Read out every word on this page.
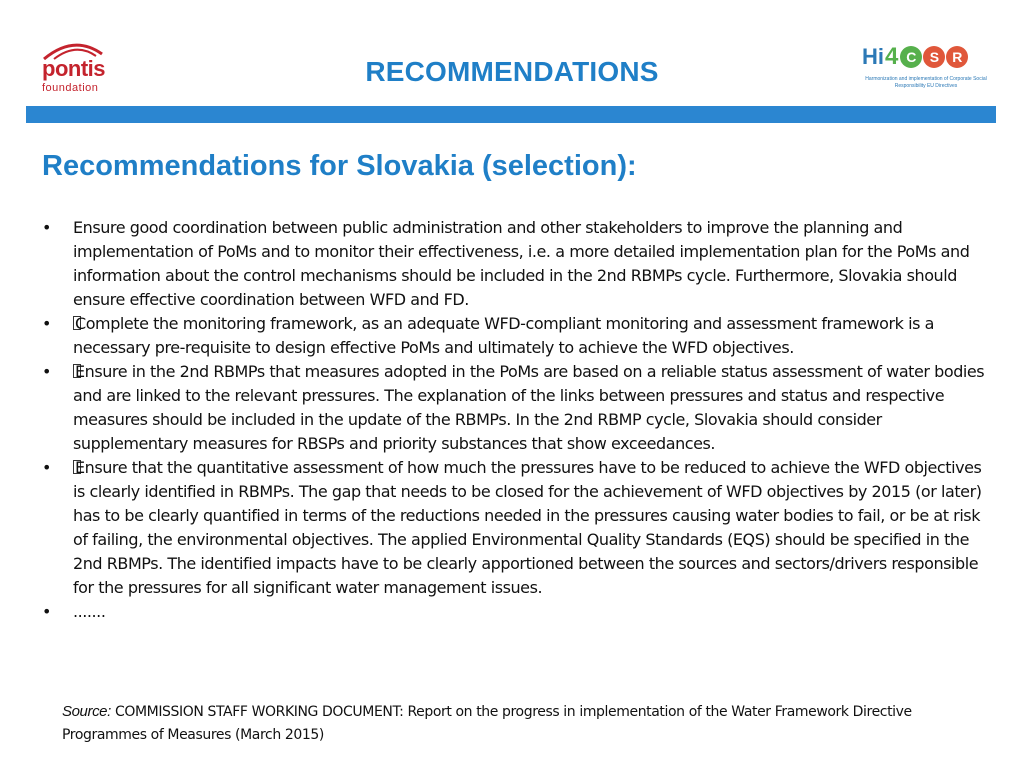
pontis
foundation
RECOMMENDATIONS	Hi 4 C S R
Harmonization and implementation of Corporate Social Responsibility EU Directives
Recommendations for Slovakia (selection):
• Ensure good coordination between public administration and other stakeholders to improve the planning and implementation of PoMs and to monitor their effectiveness, i.e. a more detailed implementation plan for the PoMs and information about the control mechanisms should be included in the 2nd RBMPs cycle. Furthermore, Slovakia should ensure effective coordination between WFD and FD.
• Complete the monitoring framework, as an adequate WFD-compliant monitoring and assessment framework is a necessary pre-requisite to design effective PoMs and ultimately to achieve the WFD objectives.
• Ensure in the 2nd RBMPs that measures adopted in the PoMs are based on a reliable status assessment of water bodies and are linked to the relevant pressures. The explanation of the links between pressures and status and respective measures should be included in the update of the RBMPs. In the 2nd RBMP cycle, Slovakia should consider supplementary measures for RBSPs and priority substances that show exceedances.
• Ensure that the quantitative assessment of how much the pressures have to be reduced to achieve the WFD objectives is clearly identified in RBMPs. The gap that needs to be closed for the achievement of WFD objectives by 2015 (or later) has to be clearly quantified in terms of the reductions needed in the pressures causing water bodies to fail, or be at risk of failing, the environmental objectives. The applied Environmental Quality Standards (EQS) should be specified in the 2nd RBMPs. The identified impacts have to be clearly apportioned between the sources and sectors/drivers responsible for the pressures for all significant water management issues.
• .......
Source: COMMISSION STAFF WORKING DOCUMENT: Report on the progress in implementation of the Water Framework Directive Programmes of Measures (March 2015)
